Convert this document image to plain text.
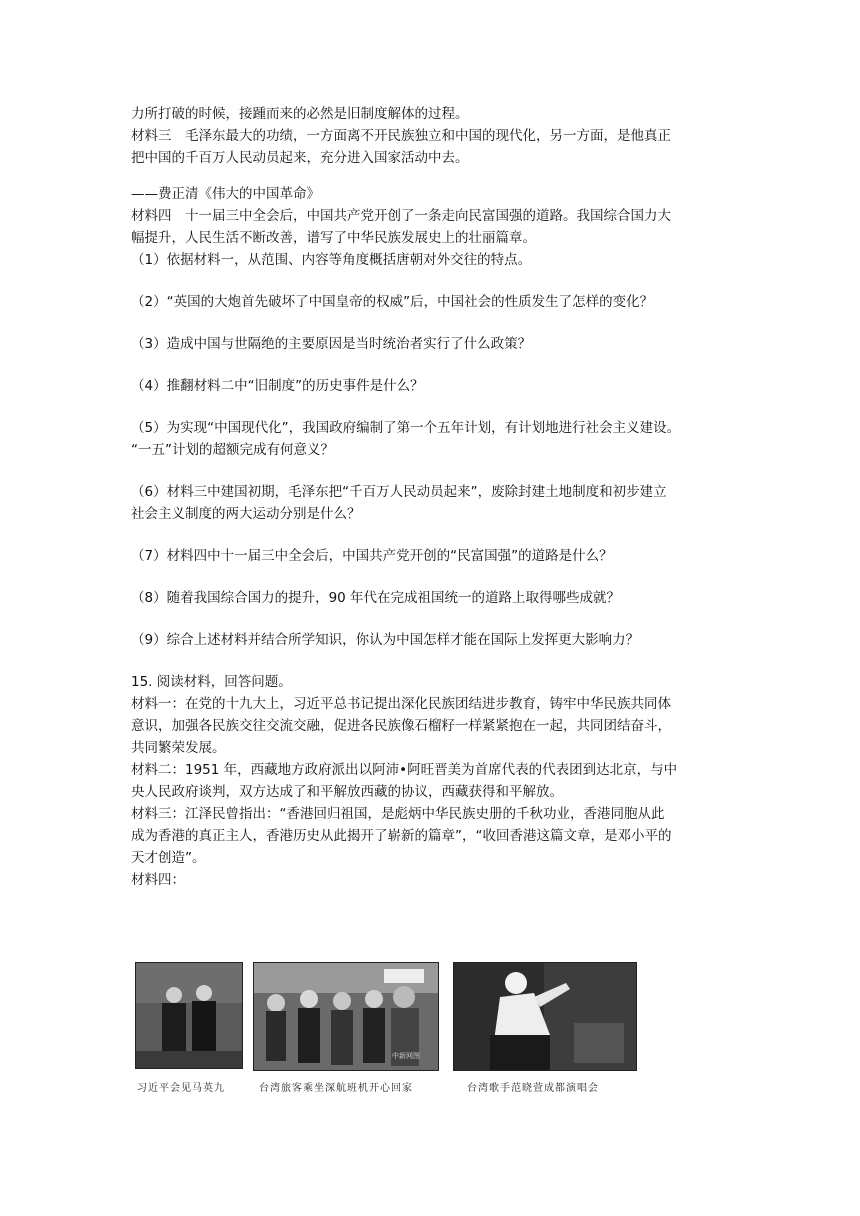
力所打破的时候，接踵而来的必然是旧制度解体的过程。

材料三　毛泽东最大的功绩，一方面离不开民族独立和中国的现代化，另一方面，是他真正

把中国的千百万人民动员起来，充分进入国家活动中去。

——费正清《伟大的中国革命》

材料四　十一届三中全会后，中国共产党开创了一条走向民富国强的道路。我国综合国力大

幅提升，人民生活不断改善，谱写了中华民族发展史上的壮丽篇章。

（1）依据材料一，从范围、内容等角度概括唐朝对外交往的特点。

（2）“英国的大炮首先破坏了中国皇帝的权威”后，中国社会的性质发生了怎样的变化？

（3）造成中国与世隔绝的主要原因是当时统治者实行了什么政策？

（4）推翻材料二中“旧制度”的历史事件是什么？

（5）为实现“中国现代化”，我国政府编制了第一个五年计划，有计划地进行社会主义建设。

“一五”计划的超额完成有何意义？

（6）材料三中建国初期，毛泽东把“千百万人民动员起来”，废除封建土地制度和初步建立

社会主义制度的两大运动分别是什么？

（7）材料四中十一届三中全会后，中国共产党开创的“民富国强”的道路是什么？

（8）随着我国综合国力的提升，90 年代在完成祖国统一的道路上取得哪些成就？

（9）综合上述材料并结合所学知识，你认为中国怎样才能在国际上发挥更大影响力？

15. 阅读材料，回答问题。

材料一：在党的十九大上，习近平总书记提出深化民族团结进步教育，铸牢中华民族共同体

意识，加强各民族交往交流交融，促进各民族像石榴籽一样紧紧抱在一起，共同团结奋斗，

共同繁荣发展。

材料二：1951 年，西藏地方政府派出以阿沛•阿旺晋美为首席代表的代表团到达北京，与中

央人民政府谈判，双方达成了和平解放西藏的协议，西藏获得和平解放。

材料三：江泽民曾指出：“香港回归祖国，是彪炳中华民族史册的千秋功业，香港同胞从此

成为香港的真正主人，香港历史从此揭开了崭新的篇章”，“收回香港这篇文章，是邓小平的

天才创造”。

材料四：

习近平会见马英九
中新网图
台湾旅客乘坐深航班机开心回家	台湾歌手范晓萱成都演唱会
